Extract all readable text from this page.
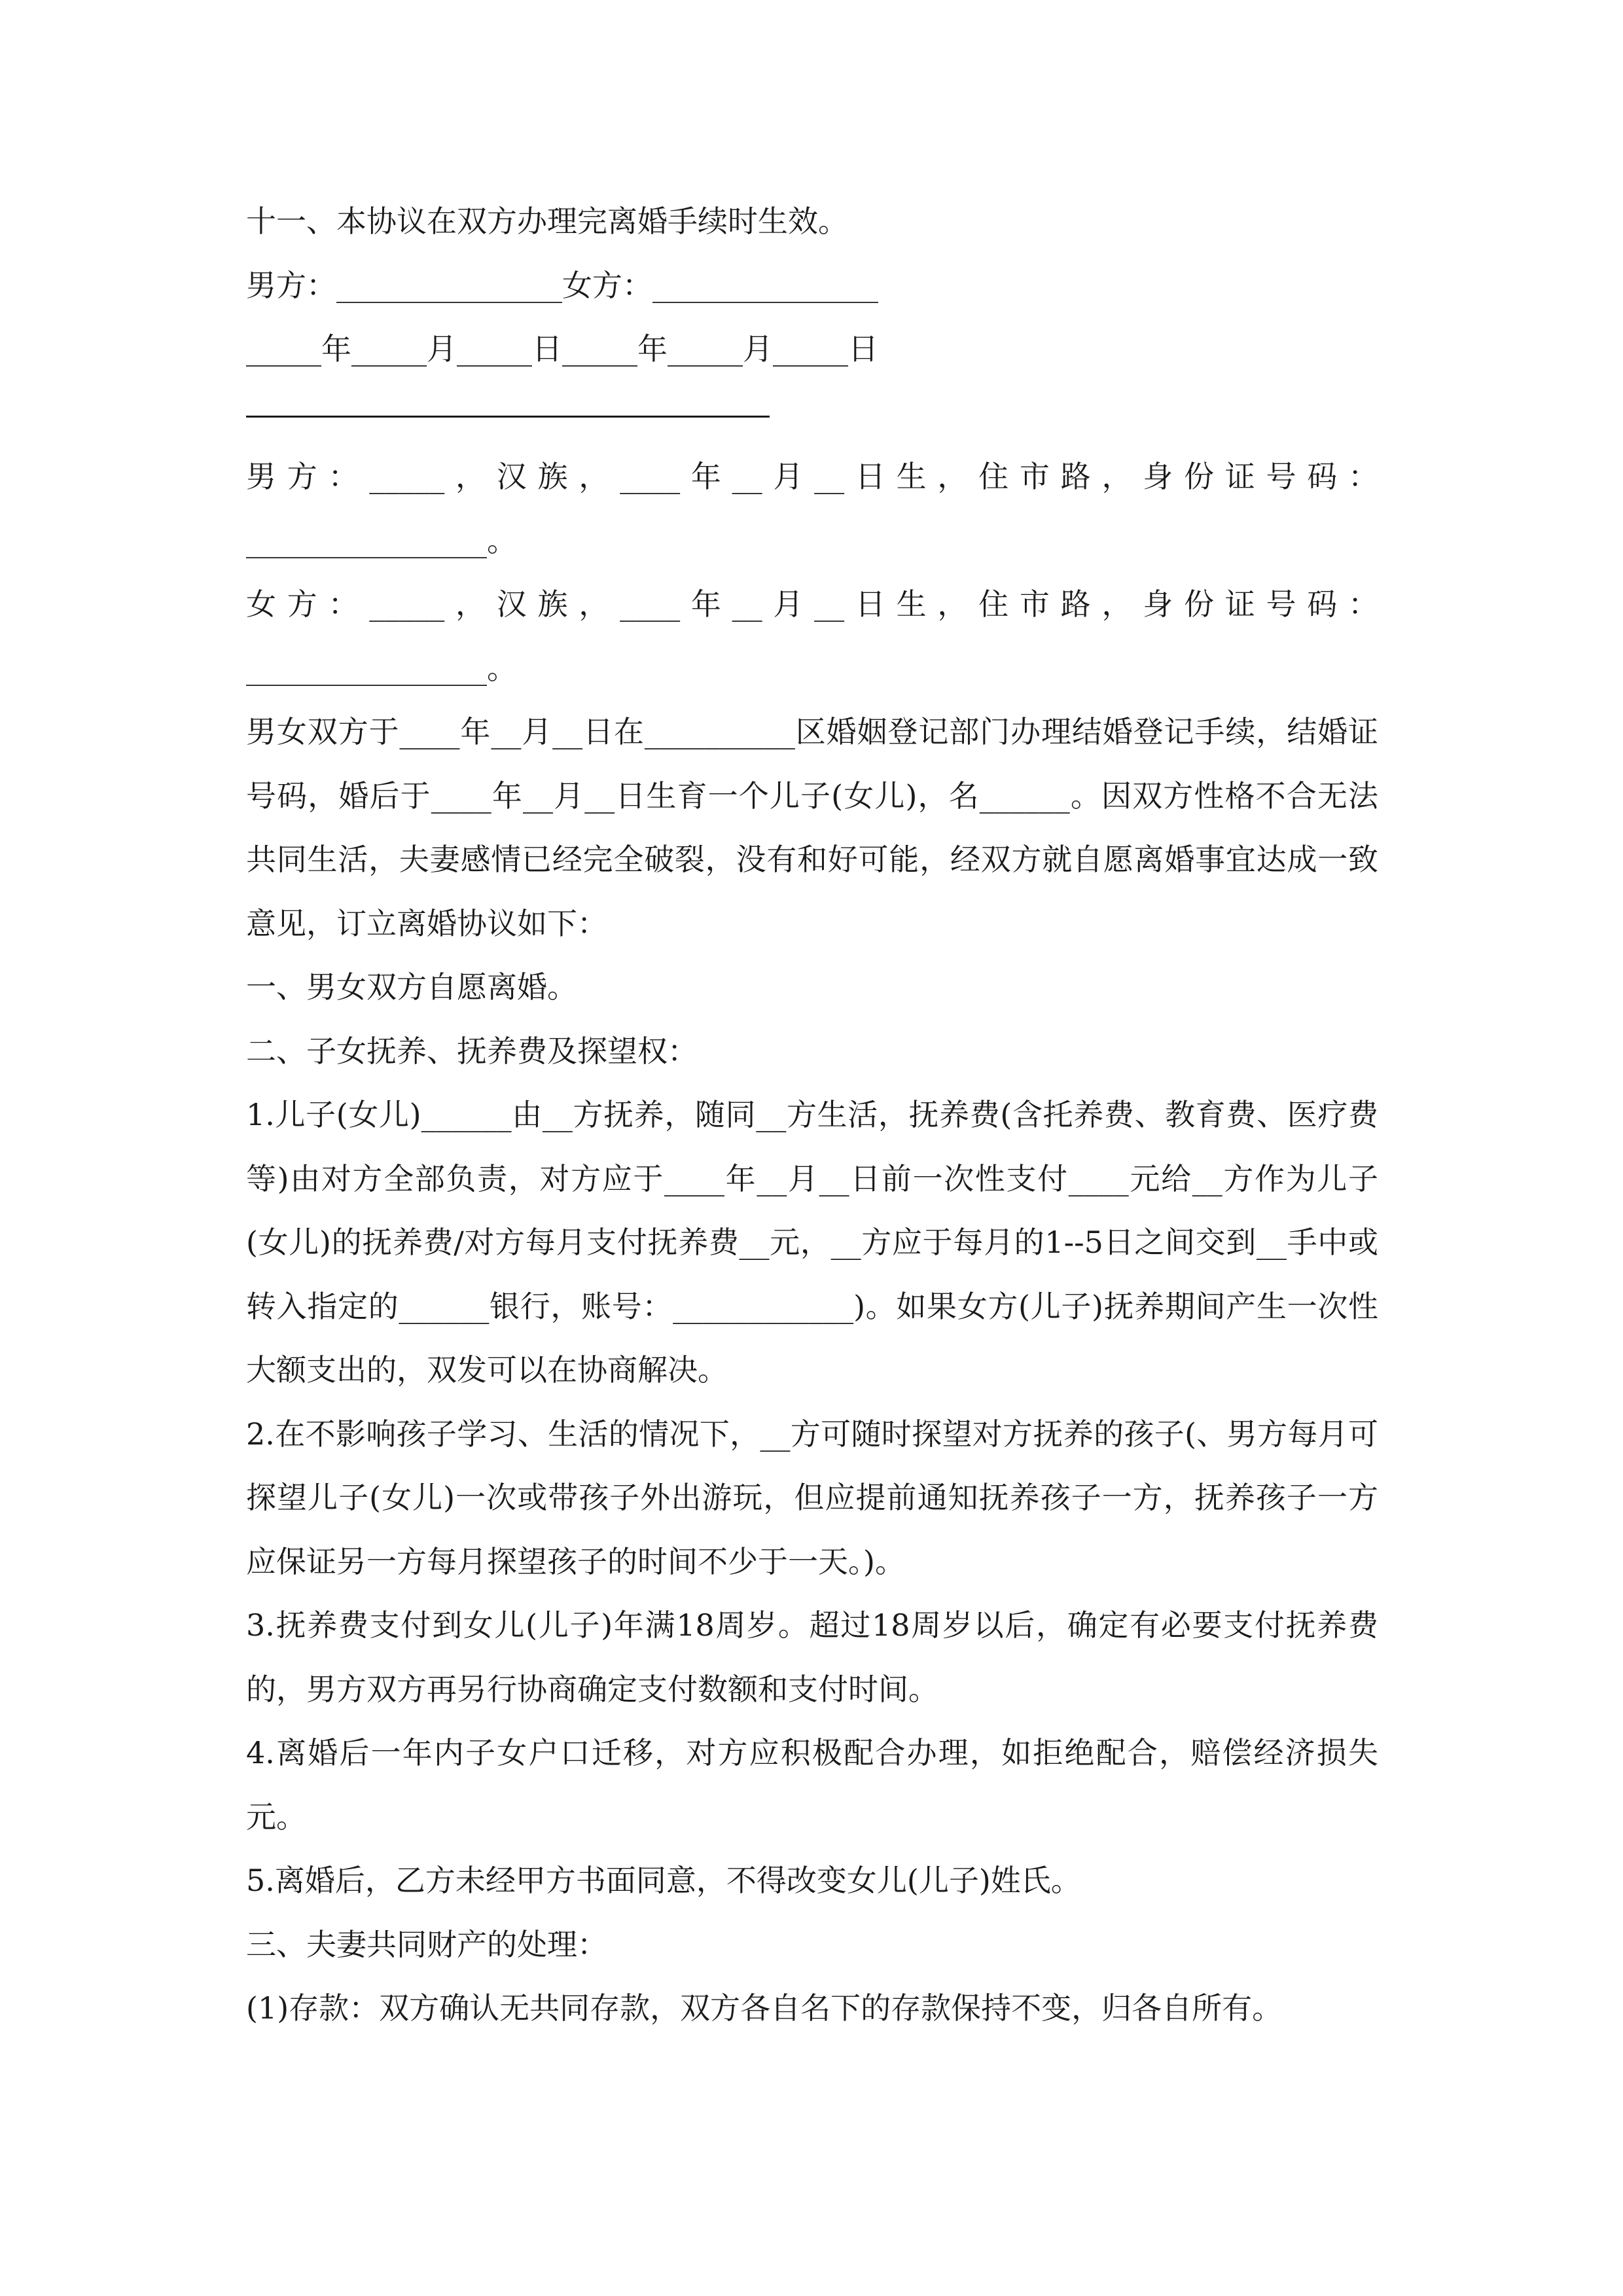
十一、本协议在双方办理完离婚手续时生效。
男方：_______________女方：_______________
_____年_____月_____日_____年_____月_____日
男方：_____，汉族，____年__月__日生，住市路，身份证号码：
________________。
女方：_____，汉族，____年__月__日生，住市路，身份证号码：
________________。
男女双方于____年__月__日在__________区婚姻登记部门办理结婚登记手续，结婚证号码，婚后于____年__月__日生育一个儿子(女儿)，名______。因双方性格不合无法共同生活，夫妻感情已经完全破裂，没有和好可能，经双方就自愿离婚事宜达成一致意见，订立离婚协议如下：
一、男女双方自愿离婚。
二、子女抚养、抚养费及探望权：
1.儿子(女儿)______由__方抚养，随同__方生活，抚养费(含托养费、教育费、医疗费等)由对方全部负责，对方应于____年__月__日前一次性支付____元给__方作为儿子(女儿)的抚养费/对方每月支付抚养费__元，__方应于每月的1--5日之间交到__手中或转入指定的______银行，账号：____________)。如果女方(儿子)抚养期间产生一次性大额支出的，双发可以在协商解决。
2.在不影响孩子学习、生活的情况下，__方可随时探望对方抚养的孩子(、男方每月可探望儿子(女儿)一次或带孩子外出游玩，但应提前通知抚养孩子一方，抚养孩子一方应保证另一方每月探望孩子的时间不少于一天。)。
3.抚养费支付到女儿(儿子)年满18周岁。超过18周岁以后，确定有必要支付抚养费的，男方双方再另行协商确定支付数额和支付时间。
4.离婚后一年内子女户口迁移，对方应积极配合办理，如拒绝配合，赔偿经济损失元。
5.离婚后，乙方未经甲方书面同意，不得改变女儿(儿子)姓氏。
三、夫妻共同财产的处理：
(1)存款：双方确认无共同存款，双方各自名下的存款保持不变，归各自所有。
